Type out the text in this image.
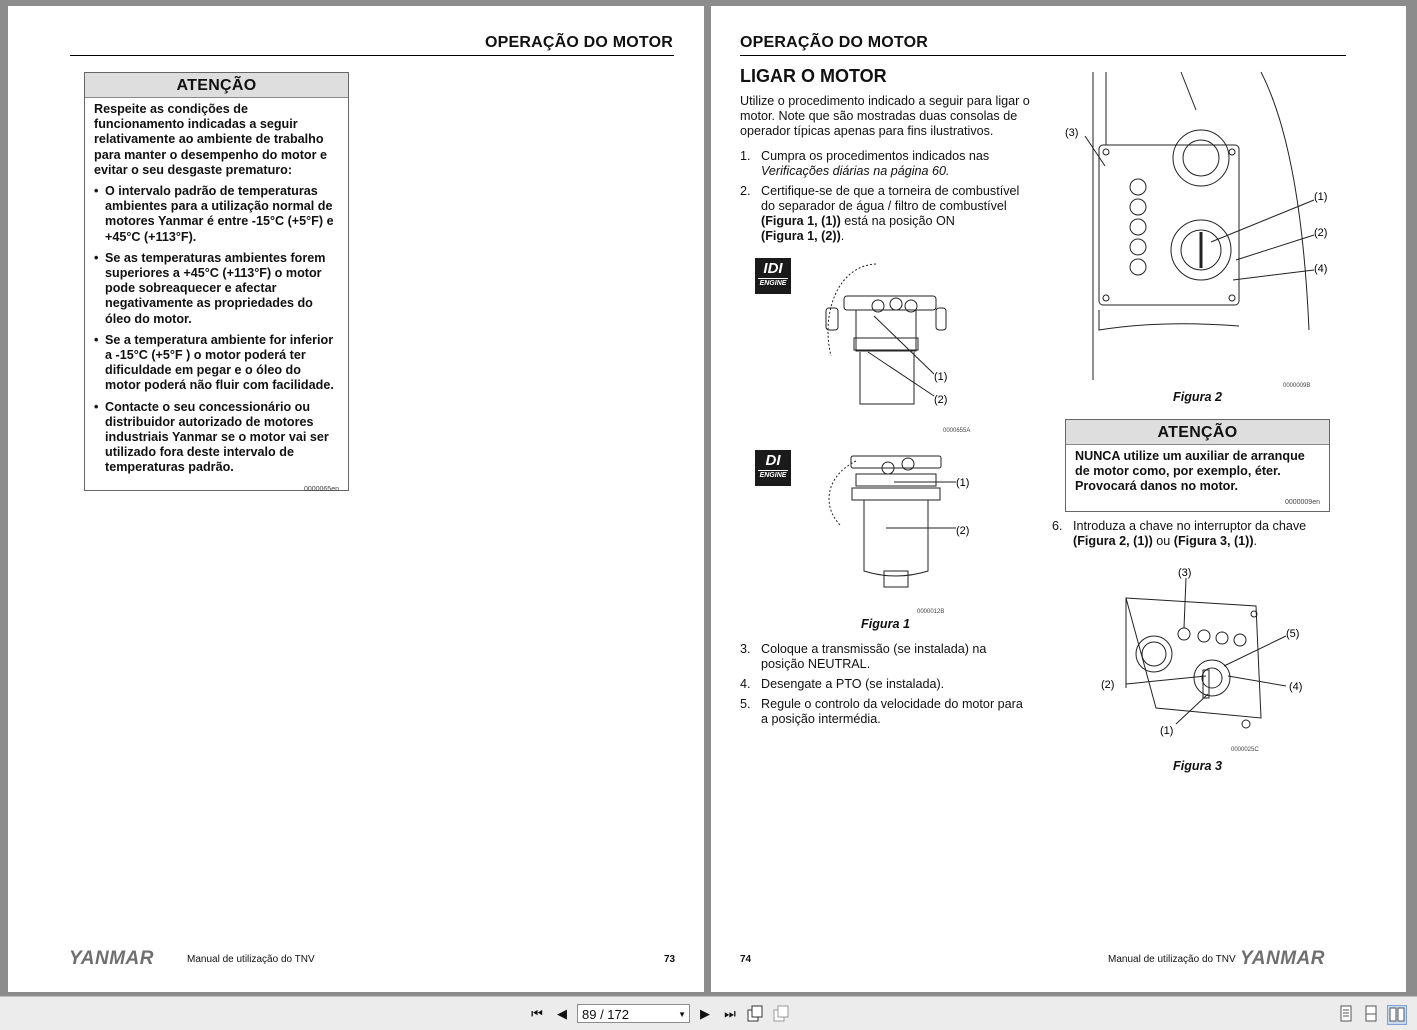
OPERAÇÃO DO MOTOR
ATENÇÃO
Respeite as condições de funcionamento indicadas a seguir relativamente ao ambiente de trabalho para manter o desempenho do motor e evitar o seu desgaste prematuro:
• O intervalo padrão de temperaturas ambientes para a utilização normal de motores Yanmar é entre -15°C (+5°F) e +45°C (+113°F).
• Se as temperaturas ambientes forem superiores a +45°C (+113°F) o motor pode sobreaquecer e afectar negativamente as propriedades do óleo do motor.
• Se a temperatura ambiente for inferior a -15°C (+5°F ) o motor poderá ter dificuldade em pegar e o óleo do motor poderá não fluir com facilidade.
• Contacte o seu concessionário ou distribuidor autorizado de motores industriais Yanmar se o motor vai ser utilizado fora deste intervalo de temperaturas padrão.
0000065en
YANMAR	Manual de utilização do TNV	73
OPERAÇÃO DO MOTOR
LIGAR O MOTOR
Utilize o procedimento indicado a seguir para ligar o motor. Note que são mostradas duas consolas de operador típicas apenas para fins ilustrativos.
1. Cumpra os procedimentos indicados nas
Verificações diárias na página 60.
2. Certifique-se de que a torneira de combustível
do separador de água / filtro de combustível
(Figura 1, (1)) está na posição ON
(Figura 1, (2)).
IDI
ENGINE
DI
ENGINE
(1)
(2)
0000655A
(1)
(2)
0000012B
Figura 1
3. Coloque a transmissão (se instalada) na
posição NEUTRAL.
4. Desengate a PTO (se instalada).
5. Regule o controlo da velocidade do motor para
a posição intermédia.
(3)
(1)
(2)
(4)
0000009B
Figura 2
ATENÇÃO
NUNCA utilize um auxiliar de arranque de motor como, por exemplo, éter. Provocará danos no motor.
0000009en
6. Introduza a chave no interruptor da chave
(Figura 2, (1)) ou (Figura 3, (1)).
(3)
(5)
(4)
(2)
(1)
0000025C
Figura 3
74	Manual de utilização do TNV YANMAR
⏮	◀	89 / 172	▼	▶	⏭
